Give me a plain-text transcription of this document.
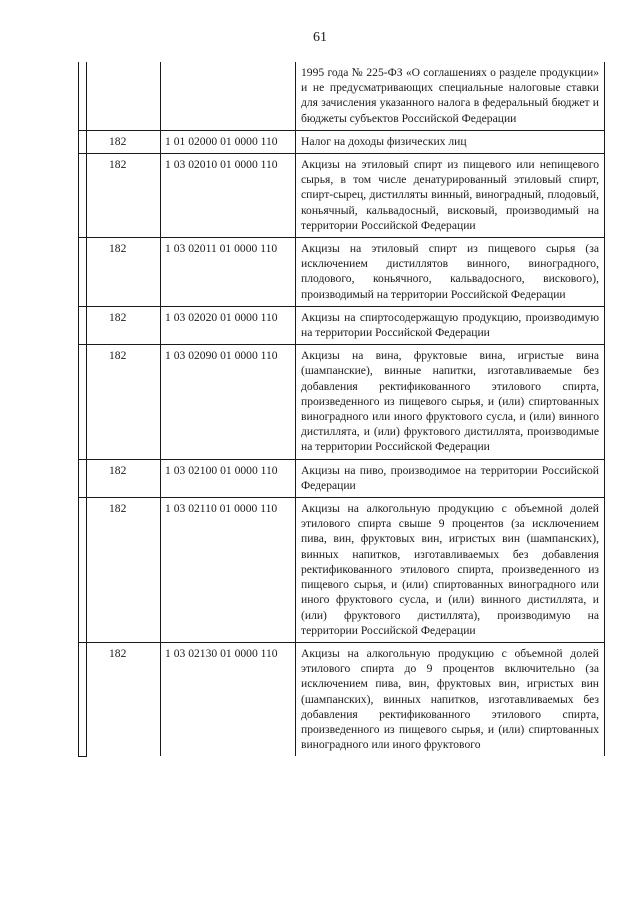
61
			1995 года № 225-ФЗ «О соглашениях о разделе продукции» и не предусматривающих специальные налоговые ставки для зачисления указанного налога в федеральный бюджет и бюджеты субъектов Российской Федерации
	182	1 01 02000 01 0000 110	Налог на доходы физических лиц
	182	1 03 02010 01 0000 110	Акцизы на этиловый спирт из пищевого или непищевого сырья, в том числе денатурированный этиловый спирт, спирт-сырец, дистилляты винный, виноградный, плодовый, коньячный, кальвадосный, висковый, производимый на территории Российской Федерации
	182	1 03 02011 01 0000 110	Акцизы на этиловый спирт из пищевого сырья (за исключением дистиллятов винного, виноградного, плодового, коньячного, кальвадосного, вискового), производимый на территории Российской Федерации
	182	1 03 02020 01 0000 110	Акцизы на спиртосодержащую продукцию, производимую на территории Российской Федерации
	182	1 03 02090 01 0000 110	Акцизы на вина, фруктовые вина, игристые вина (шампанские), винные напитки, изготавливаемые без добавления ректификованного этилового спирта, произведенного из пищевого сырья, и (или) спиртованных виноградного или иного фруктового сусла, и (или) винного дистиллята, и (или) фруктового дистиллята, производимые на территории Российской Федерации
	182	1 03 02100 01 0000 110	Акцизы на пиво, производимое на территории Российской Федерации
	182	1 03 02110 01 0000 110	Акцизы на алкогольную продукцию с объемной долей этилового спирта свыше 9 процентов (за исключением пива, вин, фруктовых вин, игристых вин (шампанских), винных напитков, изготавливаемых без добавления ректификованного этилового спирта, произведенного из пищевого сырья, и (или) спиртованных виноградного или иного фруктового сусла, и (или) винного дистиллята, и (или) фруктового дистиллята), производимую на территории Российской Федерации
	182	1 03 02130 01 0000 110	Акцизы на алкогольную продукцию с объемной долей этилового спирта до 9 процентов включительно (за исключением пива, вин, фруктовых вин, игристых вин (шампанских), винных напитков, изготавливаемых без добавления ректификованного этилового спирта, произведенного из пищевого сырья, и (или) спиртованных виноградного или иного фруктового
